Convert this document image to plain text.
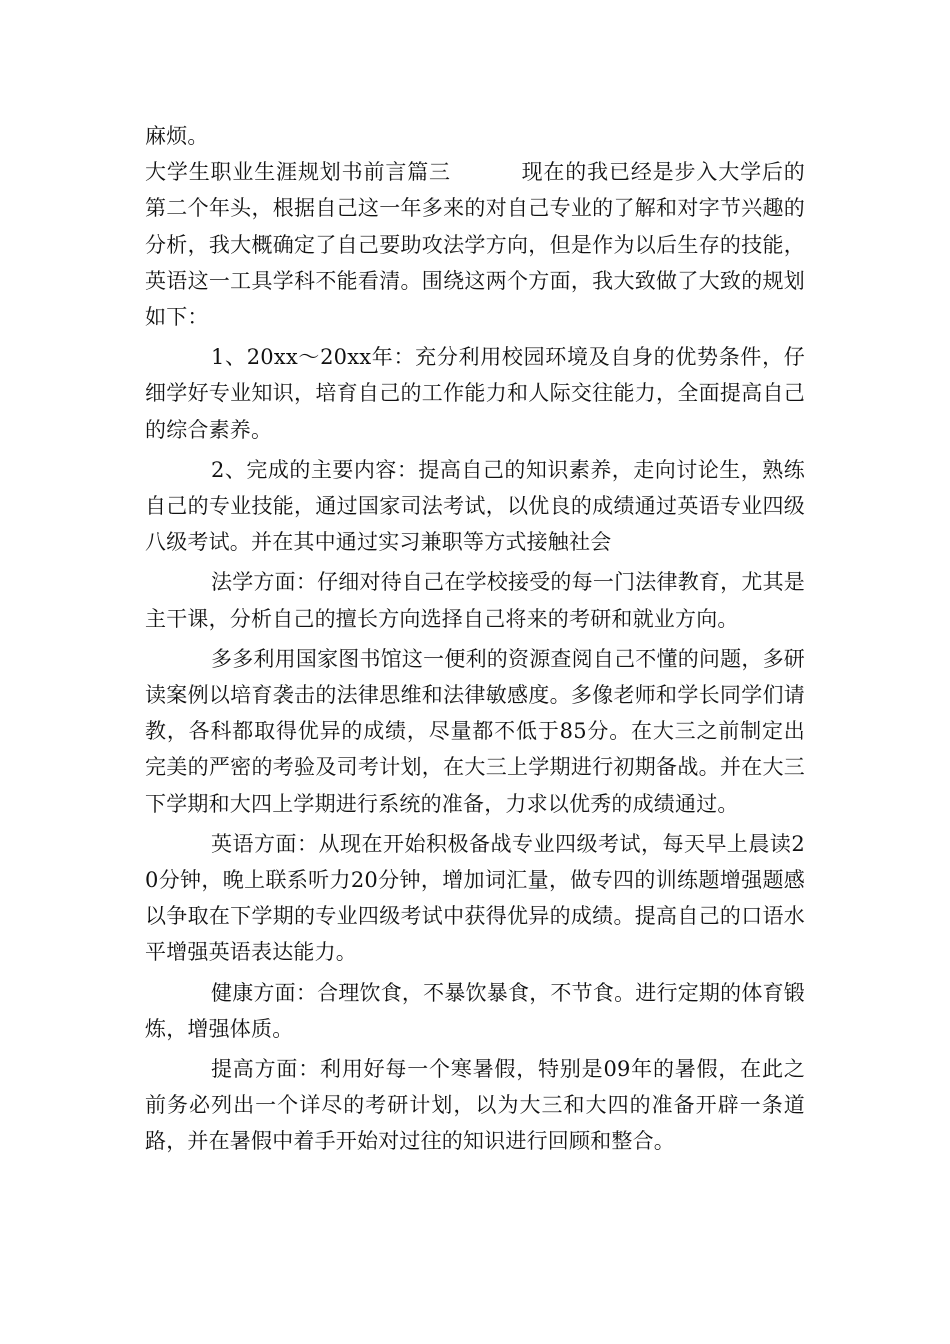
麻烦。

大学生职业生涯规划书前言篇三	现在的我已经是步入大学后的第二个年头，根据自己这一年多来的对自己专业的了解和对字节兴趣的分析，我大概确定了自己要助攻法学方向，但是作为以后生存的技能，英语这一工具学科不能看清。围绕这两个方面，我大致做了大致的规划如下：

1、20xx～20xx年：充分利用校园环境及自身的优势条件，仔细学好专业知识，培育自己的工作能力和人际交往能力，全面提高自己的综合素养。

2、完成的主要内容：提高自己的知识素养，走向讨论生，熟练自己的专业技能，通过国家司法考试，以优良的成绩通过英语专业四级八级考试。并在其中通过实习兼职等方式接触社会

法学方面：仔细对待自己在学校接受的每一门法律教育，尤其是主干课，分析自己的擅长方向选择自己将来的考研和就业方向。

多多利用国家图书馆这一便利的资源查阅自己不懂的问题，多研读案例以培育袭击的法律思维和法律敏感度。多像老师和学长同学们请教，各科都取得优异的成绩，尽量都不低于85分。在大三之前制定出完美的严密的考验及司考计划，在大三上学期进行初期备战。并在大三下学期和大四上学期进行系统的准备，力求以优秀的成绩通过。

英语方面：从现在开始积极备战专业四级考试，每天早上晨读20分钟，晚上联系听力20分钟，增加词汇量，做专四的训练题增强题感以争取在下学期的专业四级考试中获得优异的成绩。提高自己的口语水平增强英语表达能力。

健康方面：合理饮食，不暴饮暴食，不节食。进行定期的体育锻炼，增强体质。

提高方面：利用好每一个寒暑假，特别是09年的暑假，在此之前务必列出一个详尽的考研计划，以为大三和大四的准备开辟一条道路，并在暑假中着手开始对过往的知识进行回顾和整合。
